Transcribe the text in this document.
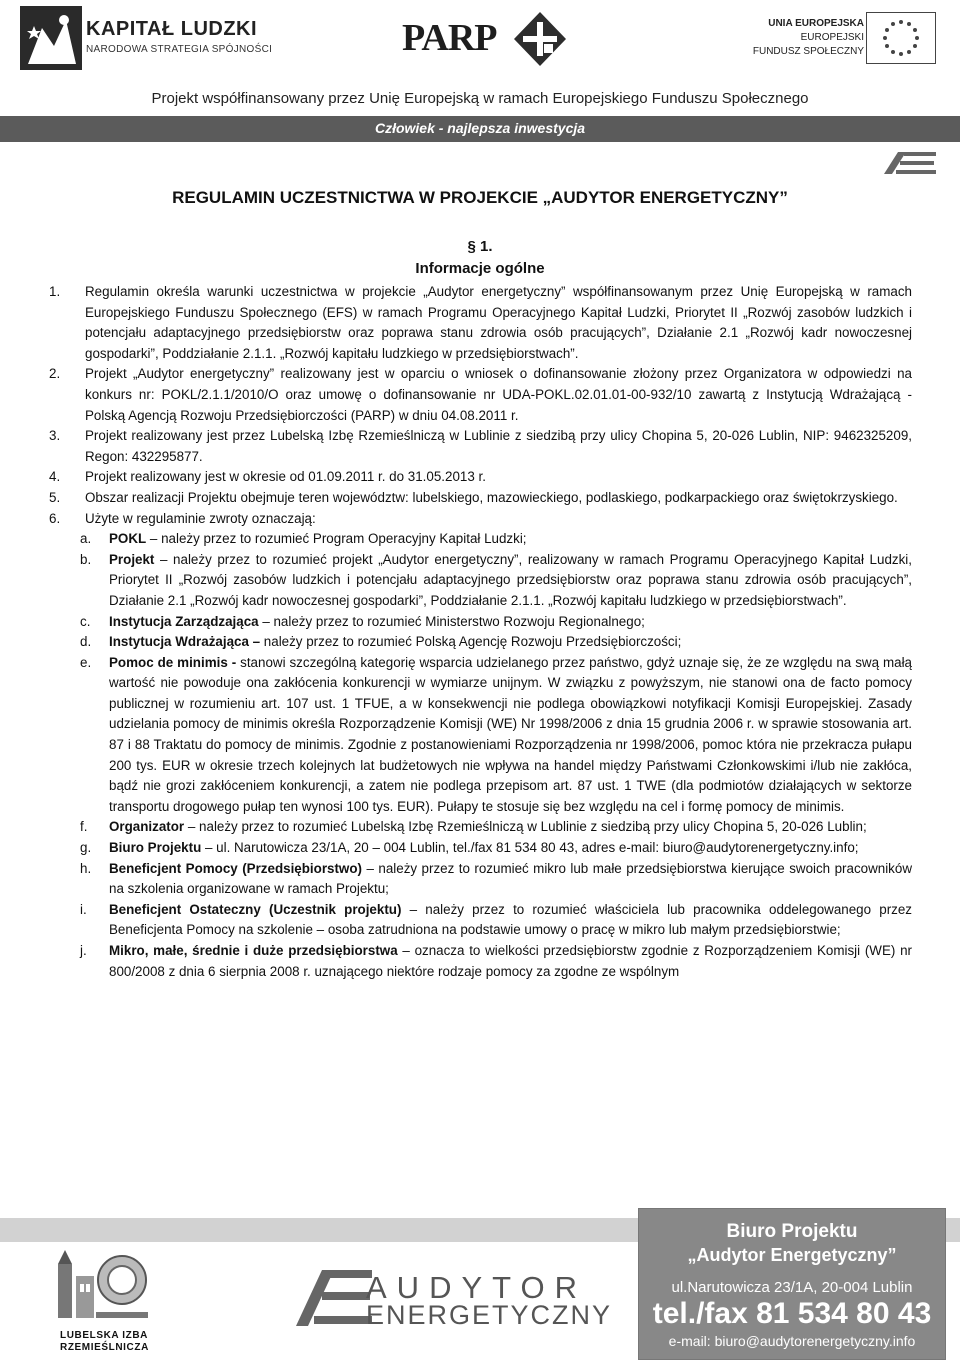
KAPITAŁ LUDZKI
NARODOWA STRATEGIA SPÓJNOŚCI	PARP	UNIA EUROPEJSKA
EUROPEJSKI
FUNDUSZ SPOŁECZNY
Projekt współfinansowany przez Unię Europejską w ramach Europejskiego Funduszu Społecznego
Człowiek - najlepsza inwestycja
REGULAMIN UCZESTNICTWA W PROJEKCIE „AUDYTOR ENERGETYCZNY”
§ 1.
Informacje ogólne
1. Regulamin określa warunki uczestnictwa w projekcie „Audytor energetyczny” współfinansowanym przez Unię Europejską w ramach Europejskiego Funduszu Społecznego (EFS) w ramach Programu Operacyjnego Kapitał Ludzki, Priorytet II „Rozwój zasobów ludzkich i potencjału adaptacyjnego przedsiębiorstw oraz poprawa stanu zdrowia osób pracujących”, Działanie 2.1 „Rozwój kadr nowoczesnej gospodarki”, Poddziałanie 2.1.1. „Rozwój kapitału ludzkiego w przedsiębiorstwach”.
2. Projekt „Audytor energetyczny” realizowany jest w oparciu o wniosek o dofinansowanie złożony przez Organizatora w odpowiedzi na konkurs nr: POKL/2.1.1/2010/O oraz umowę o dofinansowanie nr UDA-POKL.02.01.01-00-932/10 zawartą z Instytucją Wdrażającą - Polską Agencją Rozwoju Przedsiębiorczości (PARP) w dniu 04.08.2011 r.
3. Projekt realizowany jest przez Lubelską Izbę Rzemieślniczą w Lublinie z siedzibą przy ulicy Chopina 5, 20-026 Lublin, NIP: 9462325209, Regon: 432295877.
4. Projekt realizowany jest w okresie od 01.09.2011 r. do 31.05.2013 r.
5. Obszar realizacji Projektu obejmuje teren województw: lubelskiego, mazowieckiego, podlaskiego, podkarpackiego oraz świętokrzyskiego.
6. Użyte w regulaminie zwroty oznaczają:
a. POKL – należy przez to rozumieć Program Operacyjny Kapitał Ludzki;
b. Projekt – należy przez to rozumieć projekt „Audytor energetyczny”, realizowany w ramach Programu Operacyjnego Kapitał Ludzki, Priorytet II „Rozwój zasobów ludzkich i potencjału adaptacyjnego przedsiębiorstw oraz poprawa stanu zdrowia osób pracujących”, Działanie 2.1 „Rozwój kadr nowoczesnej gospodarki”, Poddziałanie 2.1.1. „Rozwój kapitału ludzkiego w przedsiębiorstwach”.
c. Instytucja Zarządzająca – należy przez to rozumieć Ministerstwo Rozwoju Regionalnego;
d. Instytucja Wdrażająca – należy przez to rozumieć Polską Agencję Rozwoju Przedsiębiorczości;
e. Pomoc de minimis - stanowi szczególną kategorię wsparcia udzielanego przez państwo, gdyż uznaje się, że ze względu na swą małą wartość nie powoduje ona zakłócenia konkurencji w wymiarze unijnym. W związku z powyższym, nie stanowi ona de facto pomocy publicznej w rozumieniu art. 107 ust. 1 TFUE, a w konsekwencji nie podlega obowiązkowi notyfikacji Komisji Europejskiej. Zasady udzielania pomocy de minimis określa Rozporządzenie Komisji (WE) Nr 1998/2006 z dnia 15 grudnia 2006 r. w sprawie stosowania art. 87 i 88 Traktatu do pomocy de minimis. Zgodnie z postanowieniami Rozporządzenia nr 1998/2006, pomoc która nie przekracza pułapu 200 tys. EUR w okresie trzech kolejnych lat budżetowych nie wpływa na handel między Państwami Członkowskimi i/lub nie zakłóca, bądź nie grozi zakłóceniem konkurencji, a zatem nie podlega przepisom art. 87 ust. 1 TWE (dla podmiotów działających w sektorze transportu drogowego pułap ten wynosi 100 tys. EUR). Pułapy te stosuje się bez względu na cel i formę pomocy de minimis.
f. Organizator – należy przez to rozumieć Lubelską Izbę Rzemieślniczą w Lublinie z siedzibą przy ulicy Chopina 5, 20-026 Lublin;
g. Biuro Projektu – ul. Narutowicza 23/1A, 20 – 004 Lublin, tel./fax 81 534 80 43, adres e-mail: biuro@audytorenergetyczny.info;
h. Beneficjent Pomocy (Przedsiębiorstwo) – należy przez to rozumieć mikro lub małe przedsiębiorstwa kierujące swoich pracowników na szkolenia organizowane w ramach Projektu;
i. Beneficjent Ostateczny (Uczestnik projektu) – należy przez to rozumieć właściciela lub pracownika oddelegowanego przez Beneficjenta Pomocy na szkolenie – osoba zatrudniona na podstawie umowy o pracę w mikro lub małym przedsiębiorstwie;
j. Mikro, małe, średnie i duże przedsiębiorstwa – oznacza to wielkości przedsiębiorstw zgodnie z Rozporządzeniem Komisji (WE) nr 800/2008 z dnia 6 sierpnia 2008 r. uznającego niektóre rodzaje pomocy za zgodne ze wspólnym
LUBELSKA IZBA
RZEMIEŚLNICZA
AUDYTOR
ENERGETYCZNY
Biuro Projektu
„Audytor Energetyczny”
ul.Narutowicza 23/1A, 20-004 Lublin
tel./fax 81 534 80 43
e-mail: biuro@audytorenergetyczny.info
